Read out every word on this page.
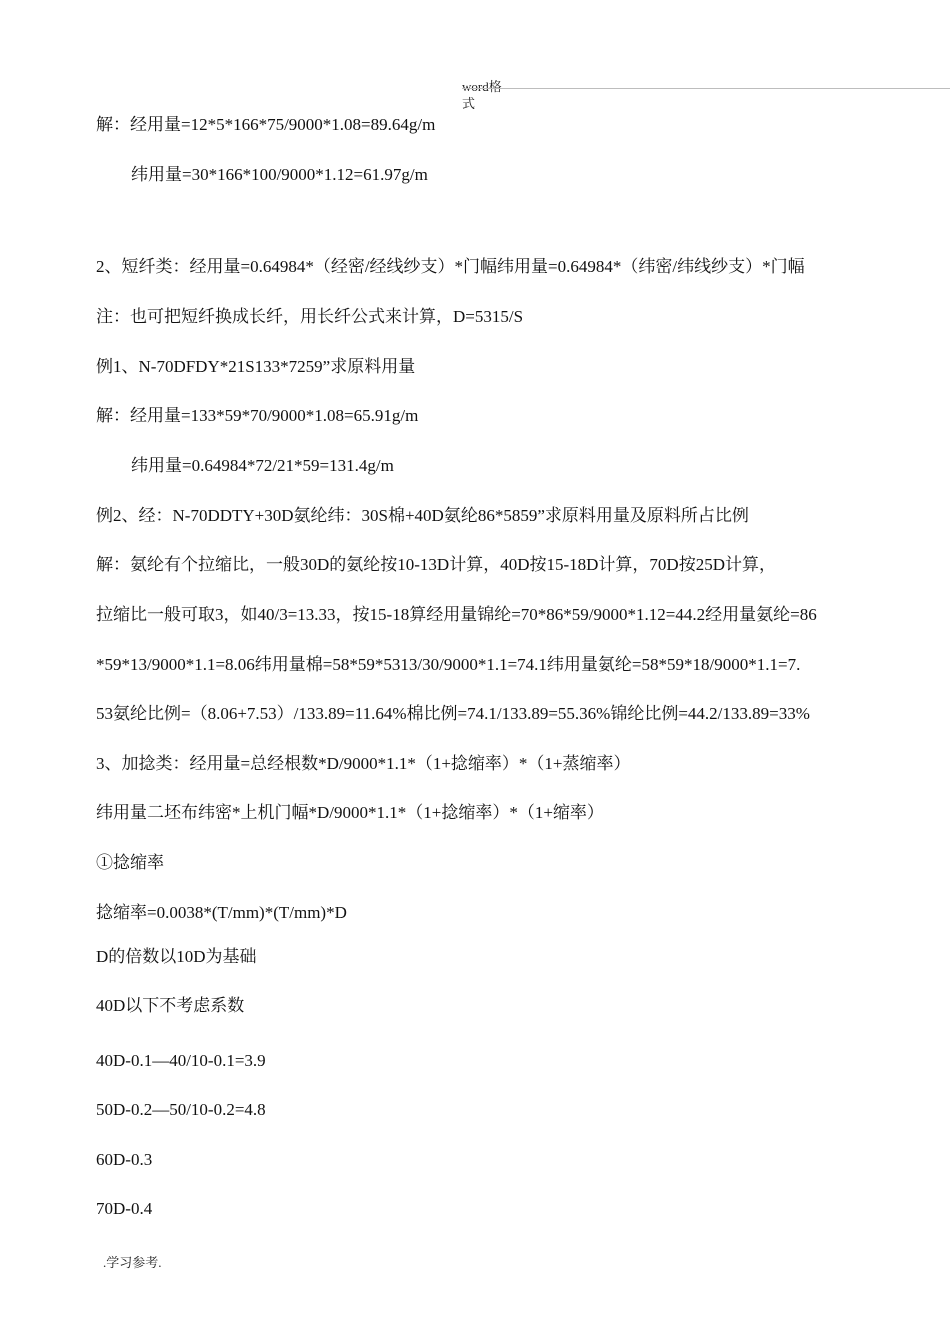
word格式
解：经用量=12*5*166*75/9000*1.08=89.64g/m
纬用量=30*166*100/9000*1.12=61.97g/m
2、短纤类：经用量=0.64984*（经密/经线纱支）*门幅纬用量=0.64984*（纬密/纬线纱支）*门幅
注：也可把短纤换成长纤，用长纤公式来计算，D=5315/S
例1、N-70DFDY*21S133*7259”求原料用量
解：经用量=133*59*70/9000*1.08=65.91g/m
纬用量=0.64984*72/21*59=131.4g/m
例2、经：N-70DDTY+30D氨纶纬：30S棉+40D氨纶86*5859”求原料用量及原料所占比例
解：氨纶有个拉缩比，一般30D的氨纶按10-13D计算，40D按15-18D计算，70D按25D计算，
拉缩比一般可取3，如40/3=13.33，按15-18算经用量锦纶=70*86*59/9000*1.12=44.2经用量氨纶=86
*59*13/9000*1.1=8.06纬用量棉=58*59*5313/30/9000*1.1=74.1纬用量氨纶=58*59*18/9000*1.1=7.
53氨纶比例=（8.06+7.53）/133.89=11.64%棉比例=74.1/133.89=55.36%锦纶比例=44.2/133.89=33%
3、加捻类：经用量=总经根数*D/9000*1.1*（1+捻缩率）*（1+蒸缩率）
纬用量二坯布纬密*上机门幅*D/9000*1.1*（1+捻缩率）*（1+缩率）
①捻缩率
捻缩率=0.0038*(T/mm)*(T/mm)*D
D的倍数以10D为基础
40D以下不考虑系数
40D-0.1—40/10-0.1=3.9
50D-0.2—50/10-0.2=4.8
60D-0.3
70D-0.4
.学习参考.
